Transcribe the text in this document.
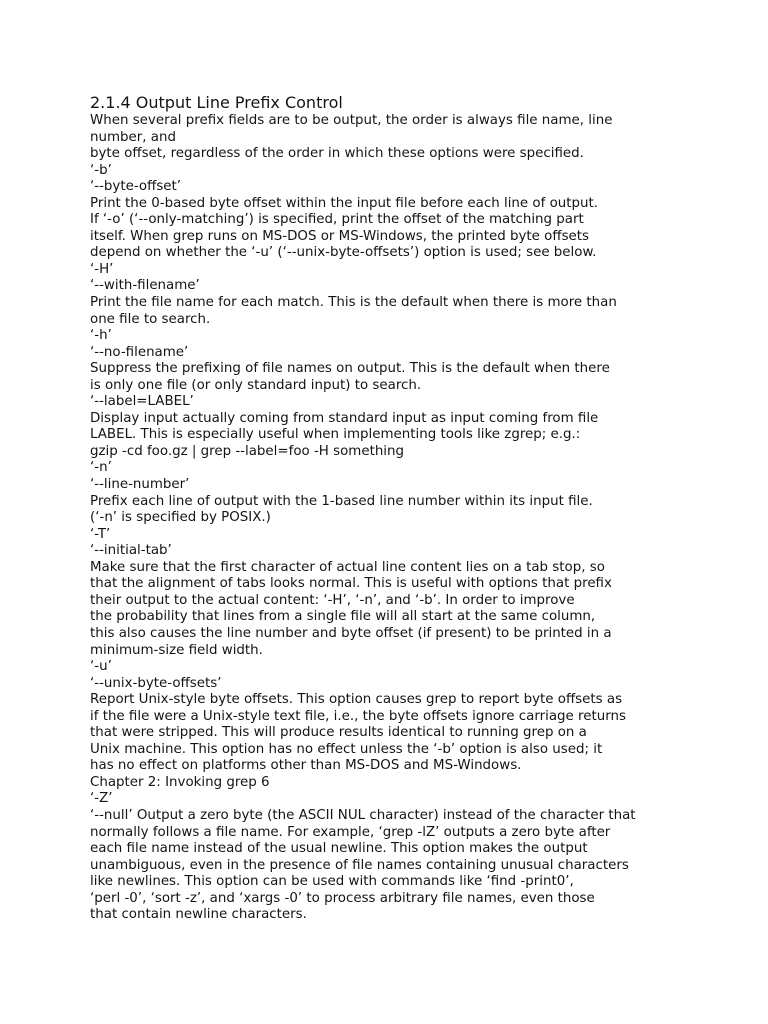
2.1.4 Output Line Prefix Control
When several prefix fields are to be output, the order is always file name, line
number, and
byte offset, regardless of the order in which these options were specified.
‘-b’
‘--byte-offset’
Print the 0-based byte offset within the input file before each line of output.
If ‘-o’ (‘--only-matching’) is specified, print the offset of the matching part
itself. When grep runs on MS-DOS or MS-Windows, the printed byte offsets
depend on whether the ‘-u’ (‘--unix-byte-offsets’) option is used; see below.
‘-H’
‘--with-filename’
Print the file name for each match. This is the default when there is more than
one file to search.
‘-h’
‘--no-filename’
Suppress the prefixing of file names on output. This is the default when there
is only one file (or only standard input) to search.
‘--label=LABEL’
Display input actually coming from standard input as input coming from file
LABEL. This is especially useful when implementing tools like zgrep; e.g.:
gzip -cd foo.gz | grep --label=foo -H something
‘-n’
‘--line-number’
Prefix each line of output with the 1-based line number within its input file.
(‘-n’ is specified by POSIX.)
‘-T’
‘--initial-tab’
Make sure that the first character of actual line content lies on a tab stop, so
that the alignment of tabs looks normal. This is useful with options that prefix
their output to the actual content: ‘-H’, ‘-n’, and ‘-b’. In order to improve
the probability that lines from a single file will all start at the same column,
this also causes the line number and byte offset (if present) to be printed in a
minimum-size field width.
‘-u’
‘--unix-byte-offsets’
Report Unix-style byte offsets. This option causes grep to report byte offsets as
if the file were a Unix-style text file, i.e., the byte offsets ignore carriage returns
that were stripped. This will produce results identical to running grep on a
Unix machine. This option has no effect unless the ‘-b’ option is also used; it
has no effect on platforms other than MS-DOS and MS-Windows.
Chapter 2: Invoking grep 6
‘-Z’
‘--null’ Output a zero byte (the ASCII NUL character) instead of the character that
normally follows a file name. For example, ‘grep -lZ’ outputs a zero byte after
each file name instead of the usual newline. This option makes the output
unambiguous, even in the presence of file names containing unusual characters
like newlines. This option can be used with commands like ‘find -print0’,
‘perl -0’, ‘sort -z’, and ‘xargs -0’ to process arbitrary file names, even those
that contain newline characters.
